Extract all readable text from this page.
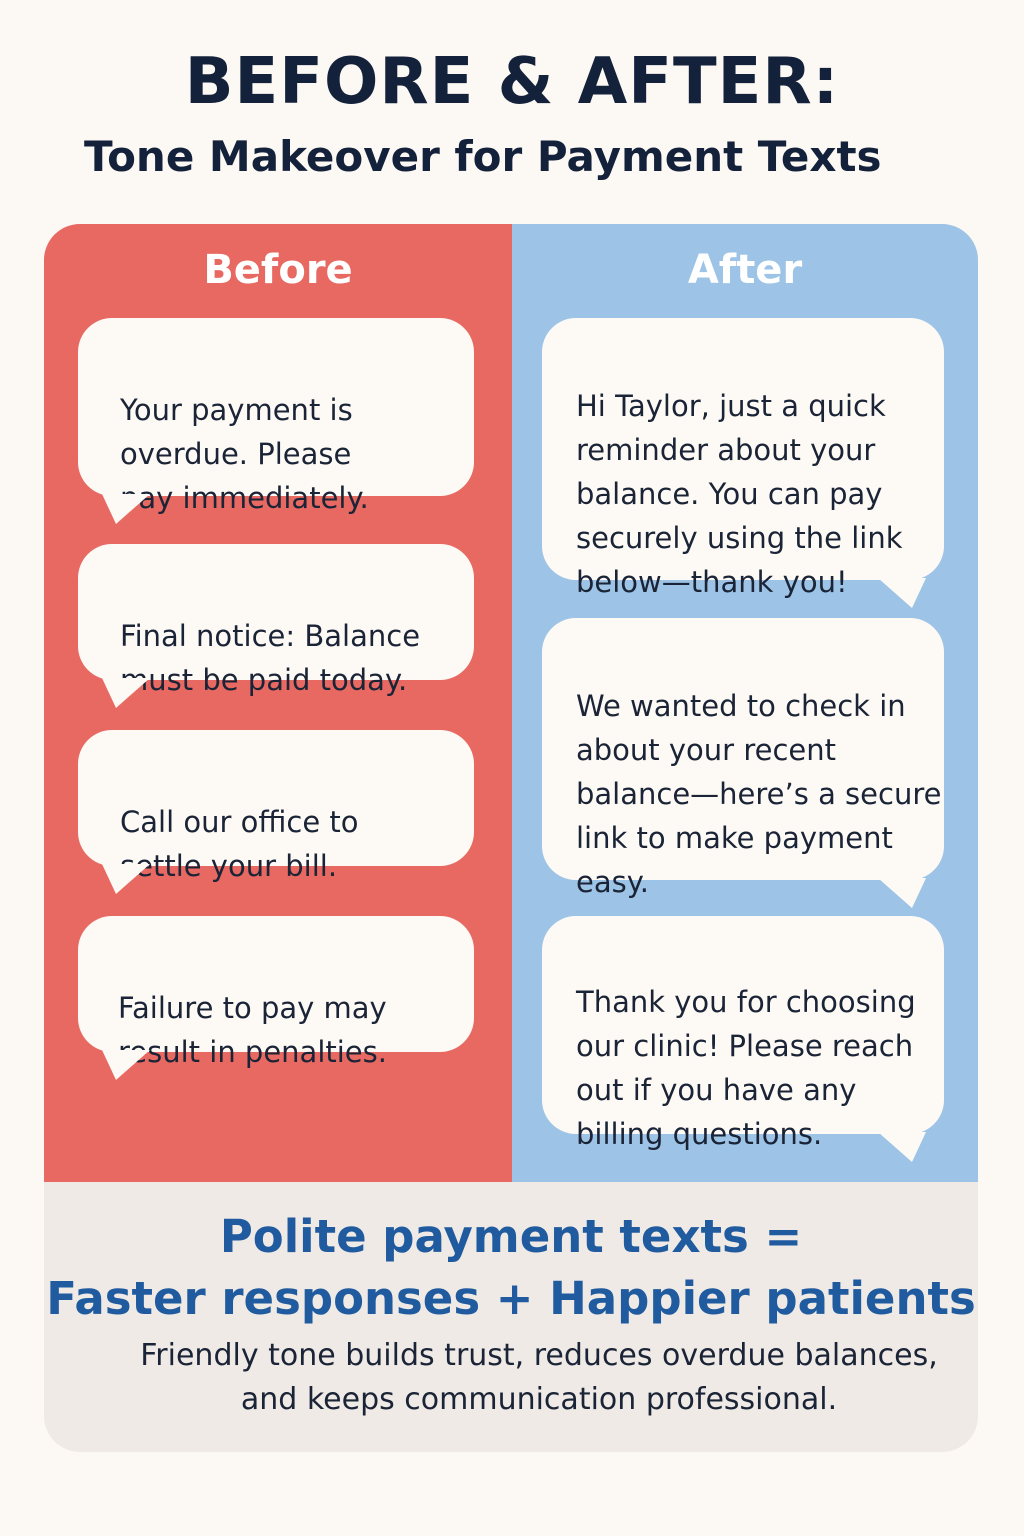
BEFORE & AFTER:
Tone Makeover for Payment Texts
Before

Your payment is
overdue. Please
pay immediately.

Final notice: Balance
must be paid today.

Call our office to
settle your bill.

Failure to pay may
result in penalties.

After

Hi Taylor, just a quick
reminder about your
balance. You can pay
securely using the link
below—thank you!

We wanted to check in
about your recent
balance—here’s a secure
link to make payment
easy.

Thank you for choosing
our clinic! Please reach
out if you have any
billing questions.

Polite payment texts =
Faster responses + Happier patients
Friendly tone builds trust, reduces overdue balances,
and keeps communication professional.
